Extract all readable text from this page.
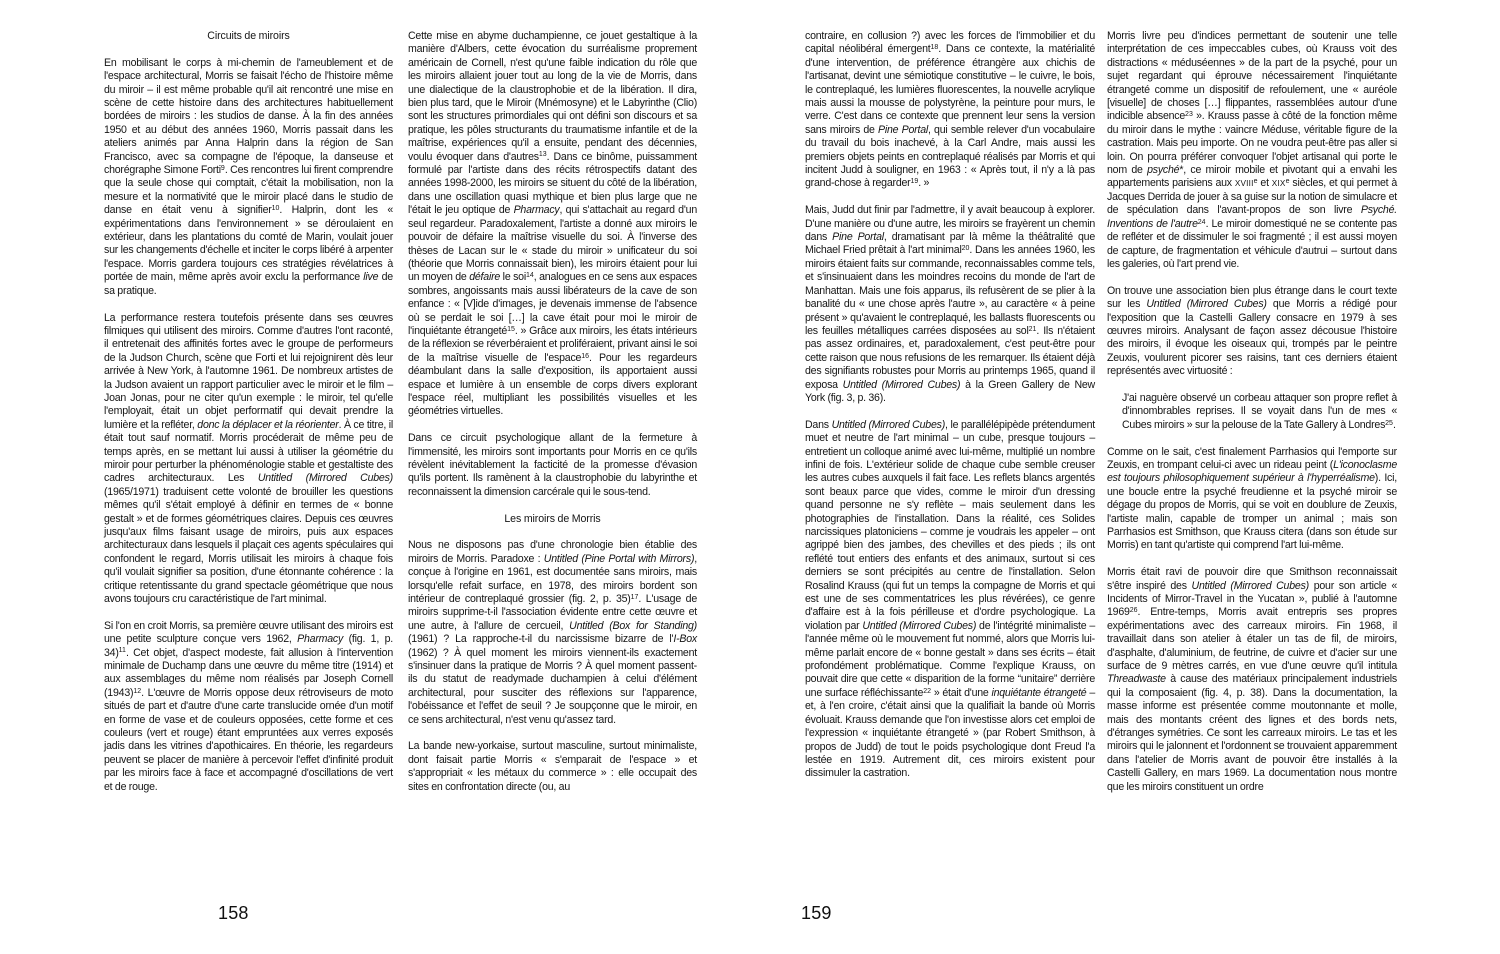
Circuits de miroirs

En mobilisant le corps à mi-chemin de l'ameublement et de l'espace architectural, Morris se faisait l'écho de l'histoire même du miroir – il est même probable qu'il ait rencontré une mise en scène de cette histoire dans des architectures habituellement bordées de miroirs : les studios de danse. À la fin des années 1950 et au début des années 1960, Morris passait dans les ateliers animés par Anna Halprin dans la région de San Francisco, avec sa compagne de l'époque, la danseuse et chorégraphe Simone Forti$^9$. Ces rencontres lui firent comprendre que la seule chose qui comptait, c'était la mobilisation, non la mesure et la normativité que le miroir placé dans le studio de danse en était venu à signifier$^{10}$. Halprin, dont les « expérimentations dans l'environnement » se déroulaient en extérieur, dans les plantations du comté de Marin, voulait jouer sur les changements d'échelle et inciter le corps libéré à arpenter l'espace. Morris gardera toujours ces stratégies révélatrices à portée de main, même après avoir exclu la performance live de sa pratique.

La performance restera toutefois présente dans ses œuvres filmiques qui utilisent des miroirs. Comme d'autres l'ont raconté, il entretenait des affinités fortes avec le groupe de performeurs de la Judson Church, scène que Forti et lui rejoignirent dès leur arrivée à New York, à l'automne 1961. De nombreux artistes de la Judson avaient un rapport particulier avec le miroir et le film – Joan Jonas, pour ne citer qu'un exemple : le miroir, tel qu'elle l'employait, était un objet performatif qui devait prendre la lumière et la refléter, donc la déplacer et la réorienter. À ce titre, il était tout sauf normatif. Morris procéderait de même peu de temps après, en se mettant lui aussi à utiliser la géométrie du miroir pour perturber la phénoménologie stable et gestaltiste des cadres architecturaux. Les Untitled (Mirrored Cubes) (1965/1971) traduisent cette volonté de brouiller les questions mêmes qu'il s'était employé à définir en termes de « bonne gestalt » et de formes géométriques claires. Depuis ces œuvres jusqu'aux films faisant usage de miroirs, puis aux espaces architecturaux dans lesquels il plaçait ces agents spéculaires qui confondent le regard, Morris utilisait les miroirs à chaque fois qu'il voulait signifier sa position, d'une étonnante cohérence : la critique retentissante du grand spectacle géométrique que nous avons toujours cru caractéristique de l'art minimal.

Si l'on en croit Morris, sa première œuvre utilisant des miroirs est une petite sculpture conçue vers 1962, Pharmacy (fig. 1, p. 34)$^{11}$. Cet objet, d'aspect modeste, fait allusion à l'intervention minimale de Duchamp dans une œuvre du même titre (1914) et aux assemblages du même nom réalisés par Joseph Cornell $(1943)^{12}$. L'œuvre de Morris oppose deux rétroviseurs de moto situés de part et d'autre d'une carte translucide ornée d'un motif en forme de vase et de couleurs opposées, cette forme et ces couleurs (vert et rouge) étant empruntées aux verres exposés jadis dans les vitrines d'apothicaires. En théorie, les regardeurs peuvent se placer de manière à percevoir l'effet d'infinité produit par les miroirs face à face et accompagné d'oscillations de vert et de rouge.

Cette mise en abyme duchampienne, ce jouet gestaltique à la manière d'Albers, cette évocation du surréalisme proprement américain de Cornell, n'est qu'une faible indication du rôle que les miroirs allaient jouer tout au long de la vie de Morris, dans une dialectique de la claustrophobie et de la libération. Il dira, bien plus tard, que le Miroir (Mnémosyne) et le Labyrinthe (Clio) sont les structures primordiales qui ont défini son discours et sa pratique, les pôles structurants du traumatisme infantile et de la maîtrise, expériences qu'il a ensuite, pendant des décennies, voulu évoquer dans d'autres$^{13}$. Dans ce binôme, puissamment formulé par l'artiste dans des récits rétrospectifs datant des années 1998-2000, les miroirs se situent du côté de la libération, dans une oscillation quasi mythique et bien plus large que ne l'était le jeu optique de Pharmacy, qui s'attachait au regard d'un seul regardeur. Paradoxalement, l'artiste a donné aux miroirs le pouvoir de défaire la maîtrise visuelle du soi. À l'inverse des thèses de Lacan sur le « stade du miroir » unificateur du soi (théorie que Morris connaissait bien), les miroirs étaient pour lui un moyen de défaire le soi$^{14}$, analogues en ce sens aux espaces sombres, angoissants mais aussi libérateurs de la cave de son enfance : « [V]ide d'images, je devenais immense de l'absence où se perdait le soi […] la cave était pour moi le miroir de l'inquiétante étrangeté$^{15}$. » Grâce aux miroirs, les états intérieurs de la réflexion se réverbéraient et proliféraient, privant ainsi le soi de la maîtrise visuelle de l'espace$^{16}$. Pour les regardeurs déambulant dans la salle d'exposition, ils apportaient aussi espace et lumière à un ensemble de corps divers explorant l'espace réel, multipliant les possibilités visuelles et les géométries virtuelles.

Dans ce circuit psychologique allant de la fermeture à l'immensité, les miroirs sont importants pour Morris en ce qu'ils révèlent inévitablement la facticité de la promesse d'évasion qu'ils portent. Ils ramènent à la claustrophobie du labyrinthe et reconnaissent la dimension carcérale qui le sous-tend.

Les miroirs de Morris

Nous ne disposons pas d'une chronologie bien établie des miroirs de Morris. Paradoxe : Untitled (Pine Portal with Mirrors), conçue à l'origine en 1961, est documentée sans miroirs, mais lorsqu'elle refait surface, en 1978, des miroirs bordent son intérieur de contreplaqué grossier (fig. 2, p. 35)$^{17}$. L'usage de miroirs supprime-t-il l'association évidente entre cette œuvre et une autre, à l'allure de cercueil, Untitled (Box for Standing) (1961) ? La rapproche-t-il du narcissisme bizarre de l'I-Box (1962) ? À quel moment les miroirs viennent-ils exactement s'insinuer dans la pratique de Morris ? À quel moment passent-ils du statut de readymade duchampien à celui d'élément architectural, pour susciter des réflexions sur l'apparence, l'obéissance et l'effet de seuil ? Je soupçonne que le miroir, en ce sens architectural, n'est venu qu'assez tard.

La bande new-yorkaise, surtout masculine, surtout minimaliste, dont faisait partie Morris « s'emparait de l'espace » et s'appropriait « les métaux du commerce » : elle occupait des sites en confrontation directe (ou, au

158

contraire, en collusion ?) avec les forces de l'immobilier et du capital néolibéral émergent$^{18}$. Dans ce contexte, la matérialité d'une intervention, de préférence étrangère aux chichis de l'artisanat, devint une sémiotique constitutive – le cuivre, le bois, le contreplaqué, les lumières fluorescentes, la nouvelle acrylique mais aussi la mousse de polystyrène, la peinture pour murs, le verre. C'est dans ce contexte que prennent leur sens la version sans miroirs de Pine Portal, qui semble relever d'un vocabulaire du travail du bois inachevé, à la Carl Andre, mais aussi les premiers objets peints en contreplaqué réalisés par Morris et qui incitent Judd à souligner, en 1963 : « Après tout, il n'y a là pas grand-chose à regarder$^{19}$. »

Mais, Judd dut finir par l'admettre, il y avait beaucoup à explorer. D'une manière ou d'une autre, les miroirs se frayèrent un chemin dans Pine Portal, dramatisant par là même la théâtralité que Michael Fried prêtait à l'art minimal$^{20}$. Dans les années 1960, les miroirs étaient faits sur commande, reconnaissables comme tels, et s'insinuaient dans les moindres recoins du monde de l'art de Manhattan. Mais une fois apparus, ils refusèrent de se plier à la banalité du « une chose après l'autre », au caractère « à peine présent » qu'avaient le contreplaqué, les ballasts fluorescents ou les feuilles métalliques carrées disposées au sol$^{21}$. Ils n'étaient pas assez ordinaires, et, paradoxalement, c'est peut-être pour cette raison que nous refusions de les remarquer. Ils étaient déjà des signifiants robustes pour Morris au printemps 1965, quand il exposa Untitled (Mirrored Cubes) à la Green Gallery de New York (fig. 3, p. 36).

Dans Untitled (Mirrored Cubes), le parallélépipède prétendument muet et neutre de l'art minimal – un cube, presque toujours – entretient un colloque animé avec lui-même, multiplié un nombre infini de fois. L'extérieur solide de chaque cube semble creuser les autres cubes auxquels il fait face. Les reflets blancs argentés sont beaux parce que vides, comme le miroir d'un dressing quand personne ne s'y reflète – mais seulement dans les photographies de l'installation. Dans la réalité, ces Solides narcissiques platoniciens – comme je voudrais les appeler – ont agrippé bien des jambes, des chevilles et des pieds ; ils ont reflété tout entiers des enfants et des animaux, surtout si ces derniers se sont précipités au centre de l'installation. Selon Rosalind Krauss (qui fut un temps la compagne de Morris et qui est une de ses commentatrices les plus révérées), ce genre d'affaire est à la fois périlleuse et d'ordre psychologique. La violation par Untitled (Mirrored Cubes) de l'intégrité minimaliste – l'année même où le mouvement fut nommé, alors que Morris lui-même parlait encore de « bonne gestalt » dans ses écrits – était profondément problématique. Comme l'explique Krauss, on pouvait dire que cette « disparition de la forme “unitaire” derrière une surface réfléchissante$^{22}$ » était d'une inquiétante étrangeté – et, à l'en croire, c'était ainsi que la qualifiait la bande où Morris évoluait. Krauss demande que l'on investisse alors cet emploi de l'expression « inquiétante étrangeté » (par Robert Smithson, à propos de Judd) de tout le poids psychologique dont Freud l'a lestée en 1919. Autrement dit, ces miroirs existent pour dissimuler la castration.

Morris livre peu d'indices permettant de soutenir une telle interprétation de ces impeccables cubes, où Krauss voit des distractions « méduséennes » de la part de la psyché, pour un sujet regardant qui éprouve nécessairement l'inquiétante étrangeté comme un dispositif de refoulement, une « auréole [visuelle] de choses […] flippantes, rassemblées autour d'une indicible absence$^{23}$ ». Krauss passe à côté de la fonction même du miroir dans le mythe : vaincre Méduse, véritable figure de la castration. Mais peu importe. On ne voudra peut-être pas aller si loin. On pourra préférer convoquer l'objet artisanal qui porte le nom de psyché*, ce miroir mobile et pivotant qui a envahi les appartements parisiens aux XVIIIe et XIXe siècles, et qui permet à Jacques Derrida de jouer à sa guise sur la notion de simulacre et de spéculation dans l'avant-propos de son livre Psyché. Inventions de l'autre$^{24}$. Le miroir domestiqué ne se contente pas de refléter et de dissimuler le soi fragmenté ; il est aussi moyen de capture, de fragmentation et véhicule d'autrui – surtout dans les galeries, où l'art prend vie.

On trouve une association bien plus étrange dans le court texte sur les Untitled (Mirrored Cubes) que Morris a rédigé pour l'exposition que la Castelli Gallery consacre en 1979 à ses œuvres miroirs. Analysant de façon assez décousue l'histoire des miroirs, il évoque les oiseaux qui, trompés par le peintre Zeuxis, voulurent picorer ses raisins, tant ces derniers étaient représentés avec virtuosité :

J'ai naguère observé un corbeau attaquer son propre reflet à d'innombrables reprises. Il se voyait dans l'un de mes « Cubes miroirs » sur la pelouse de la Tate Gallery à Londres$^{25}$.

Comme on le sait, c'est finalement Parrhasios qui l'emporte sur Zeuxis, en trompant celui-ci avec un rideau peint (L'iconoclasme est toujours philosophiquement supérieur à l'hyperréalisme). Ici, une boucle entre la psyché freudienne et la psyché miroir se dégage du propos de Morris, qui se voit en doublure de Zeuxis, l'artiste malin, capable de tromper un animal ; mais son Parrhasios est Smithson, que Krauss citera (dans son étude sur Morris) en tant qu'artiste qui comprend l'art lui-même.

Morris était ravi de pouvoir dire que Smithson reconnaissait s'être inspiré des Untitled (Mirrored Cubes) pour son article « Incidents of Mirror-Travel in the Yucatan », publié à l'automne 1969$^{26}$. Entre-temps, Morris avait entrepris ses propres expérimentations avec des carreaux miroirs. Fin 1968, il travaillait dans son atelier à étaler un tas de fil, de miroirs, d'asphalte, d'aluminium, de feutrine, de cuivre et d'acier sur une surface de 9 mètres carrés, en vue d'une œuvre qu'il intitula Threadwaste à cause des matériaux principalement industriels qui la composaient (fig. 4, p. 38). Dans la documentation, la masse informe est présentée comme moutonnante et molle, mais des montants créent des lignes et des bords nets, d'étranges symétries. Ce sont les carreaux miroirs. Le tas et les miroirs qui le jalonnent et l'ordonnent se trouvaient apparemment dans l'atelier de Morris avant de pouvoir être installés à la Castelli Gallery, en mars 1969. La documentation nous montre que les miroirs constituent un ordre

159
